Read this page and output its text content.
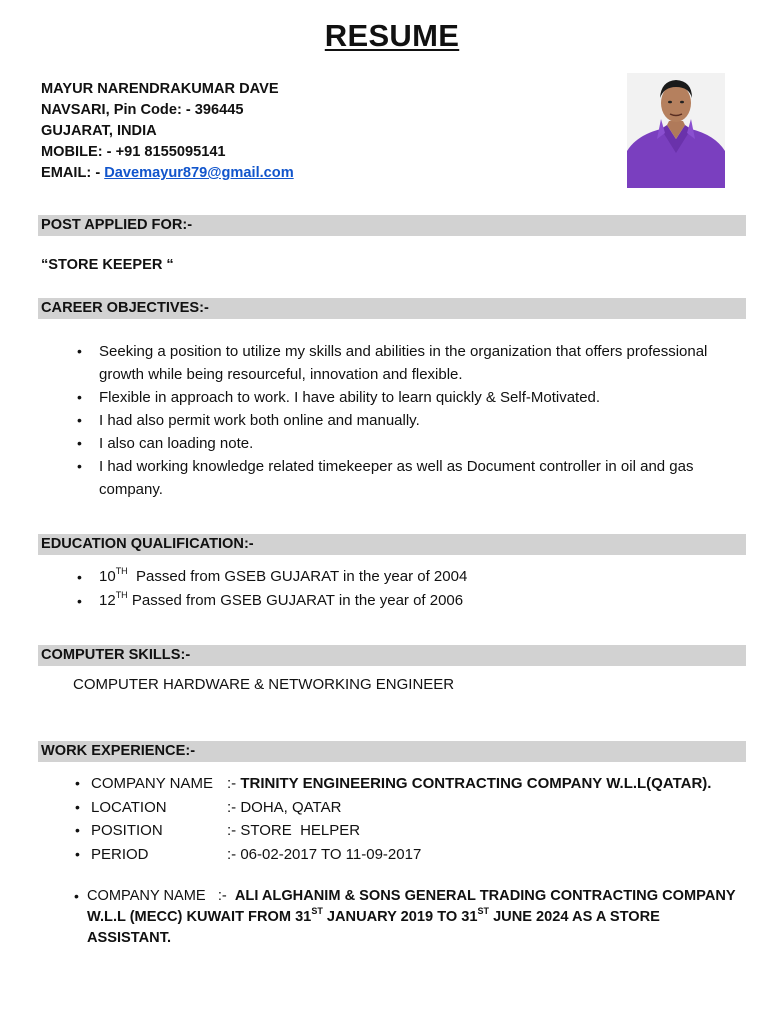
RESUME
MAYUR NARENDRAKUMAR DAVE
NAVSARI, Pin Code: - 396445
GUJARAT, INDIA
MOBILE: - +91 8155095141
EMAIL: - Davemayur879@gmail.com
POST APPLIED FOR:-
“STORE KEEPER “
CAREER OBJECTIVES:-
• Seeking a position to utilize my skills and abilities in the organization that offers professional growth while being resourceful, innovation and flexible.
• Flexible in approach to work. I have ability to learn quickly & Self-Motivated.
• I had also permit work both online and manually.
• I also can loading note.
• I had working knowledge related timekeeper as well as Document controller in oil and gas company.
EDUCATION QUALIFICATION:-
• 10TH  Passed from GSEB GUJARAT in the year of 2004
• 12TH Passed from GSEB GUJARAT in the year of 2006
COMPUTER SKILLS:-
COMPUTER HARDWARE & NETWORKING ENGINEER
WORK EXPERIENCE:-
• COMPANY NAME :- TRINITY ENGINEERING CONTRACTING COMPANY W.L.L(QATAR).
• LOCATION	:- DOHA, QATAR
• POSITION	:- STORE  HELPER
• PERIOD	:- 06-02-2017 TO 11-09-2017
• COMPANY NAME   :-  ALI ALGHANIM & SONS GENERAL TRADING CONTRACTING COMPANY W.L.L (MECC) KUWAIT FROM 31ST JANUARY 2019 TO 31ST JUNE 2024 AS A STORE ASSISTANT.
